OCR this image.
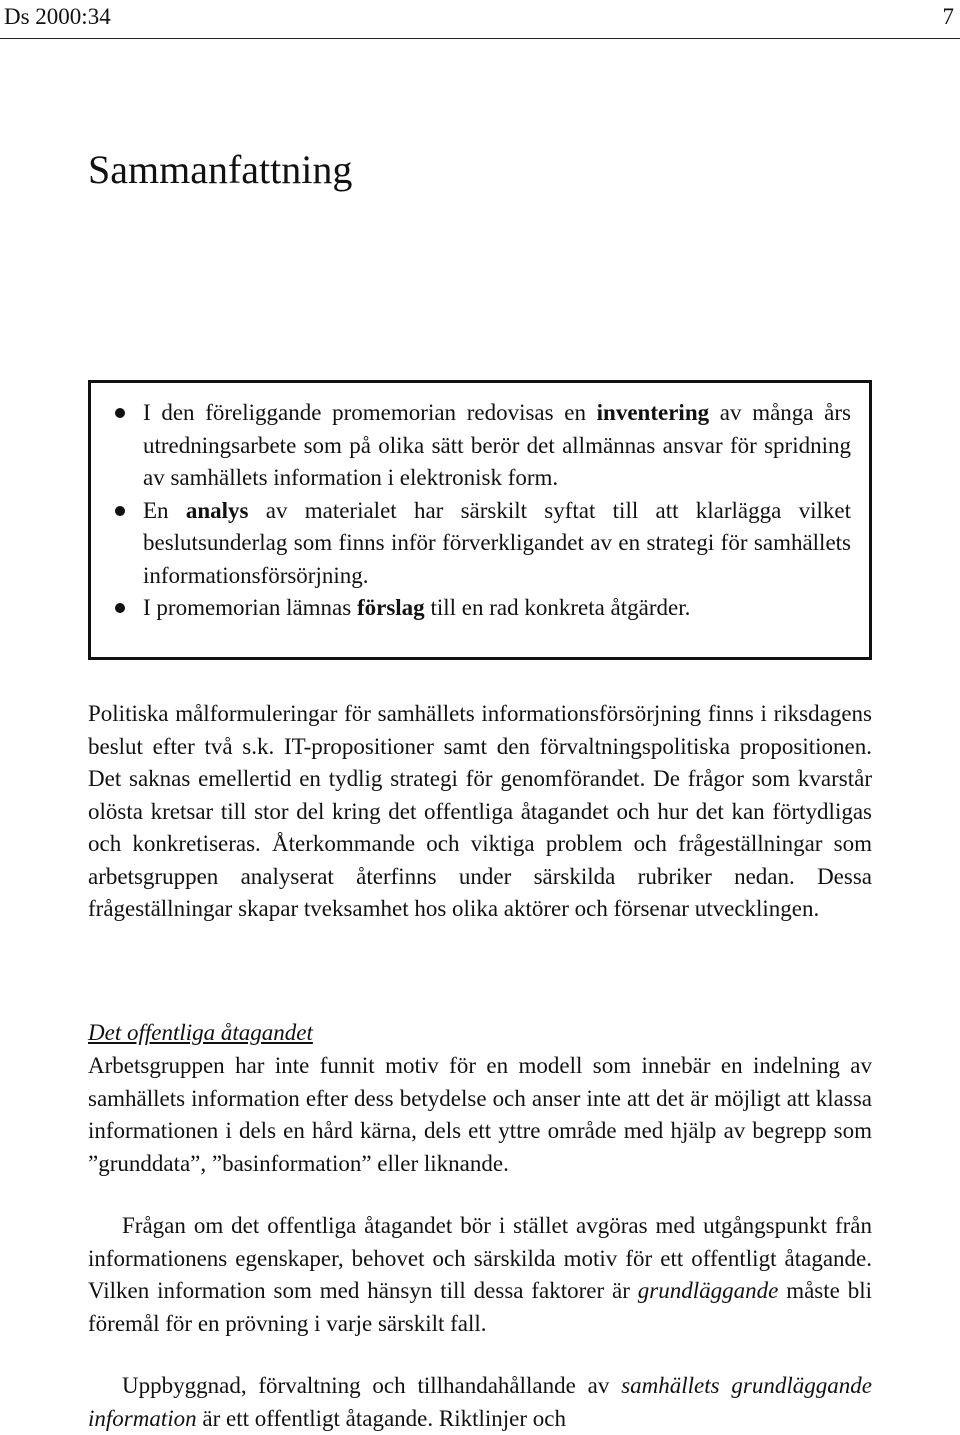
Ds 2000:34	7
Sammanfattning
I den föreliggande promemorian redovisas en inventering av många års utredningsarbete som på olika sätt berör det allmännas ansvar för spridning av samhällets information i elektronisk form.
En analys av materialet har särskilt syftat till att klarlägga vilket beslutsunderlag som finns inför förverkligandet av en strategi för samhällets informationsförsörjning.
I promemorian lämnas förslag till en rad konkreta åtgärder.

Politiska målformuleringar för samhällets informationsförsörjning finns i riksdagens beslut efter två s.k. IT-propositioner samt den förvaltningspolitiska propositionen. Det saknas emellertid en tydlig strategi för genomförandet. De frågor som kvarstår olösta kretsar till stor del kring det offentliga åtagandet och hur det kan förtydligas och konkretiseras. Återkommande och viktiga problem och frågeställningar som arbetsgruppen analyserat återfinns under särskilda rubriker nedan. Dessa frågeställningar skapar tveksamhet hos olika aktörer och försenar utvecklingen.

Det offentliga åtagandet

Arbetsgruppen har inte funnit motiv för en modell som innebär en indelning av samhällets information efter dess betydelse och anser inte att det är möjligt att klassa informationen i dels en hård kärna, dels ett yttre område med hjälp av begrepp som ”grunddata”, ”basinformation” eller liknande.

Frågan om det offentliga åtagandet bör i stället avgöras med utgångspunkt från informationens egenskaper, behovet och särskilda motiv för ett offentligt åtagande. Vilken information som med hänsyn till dessa faktorer är grundläggande måste bli föremål för en prövning i varje särskilt fall.

Uppbyggnad, förvaltning och tillhandahållande av samhällets grundläggande information är ett offentligt åtagande. Riktlinjer och
